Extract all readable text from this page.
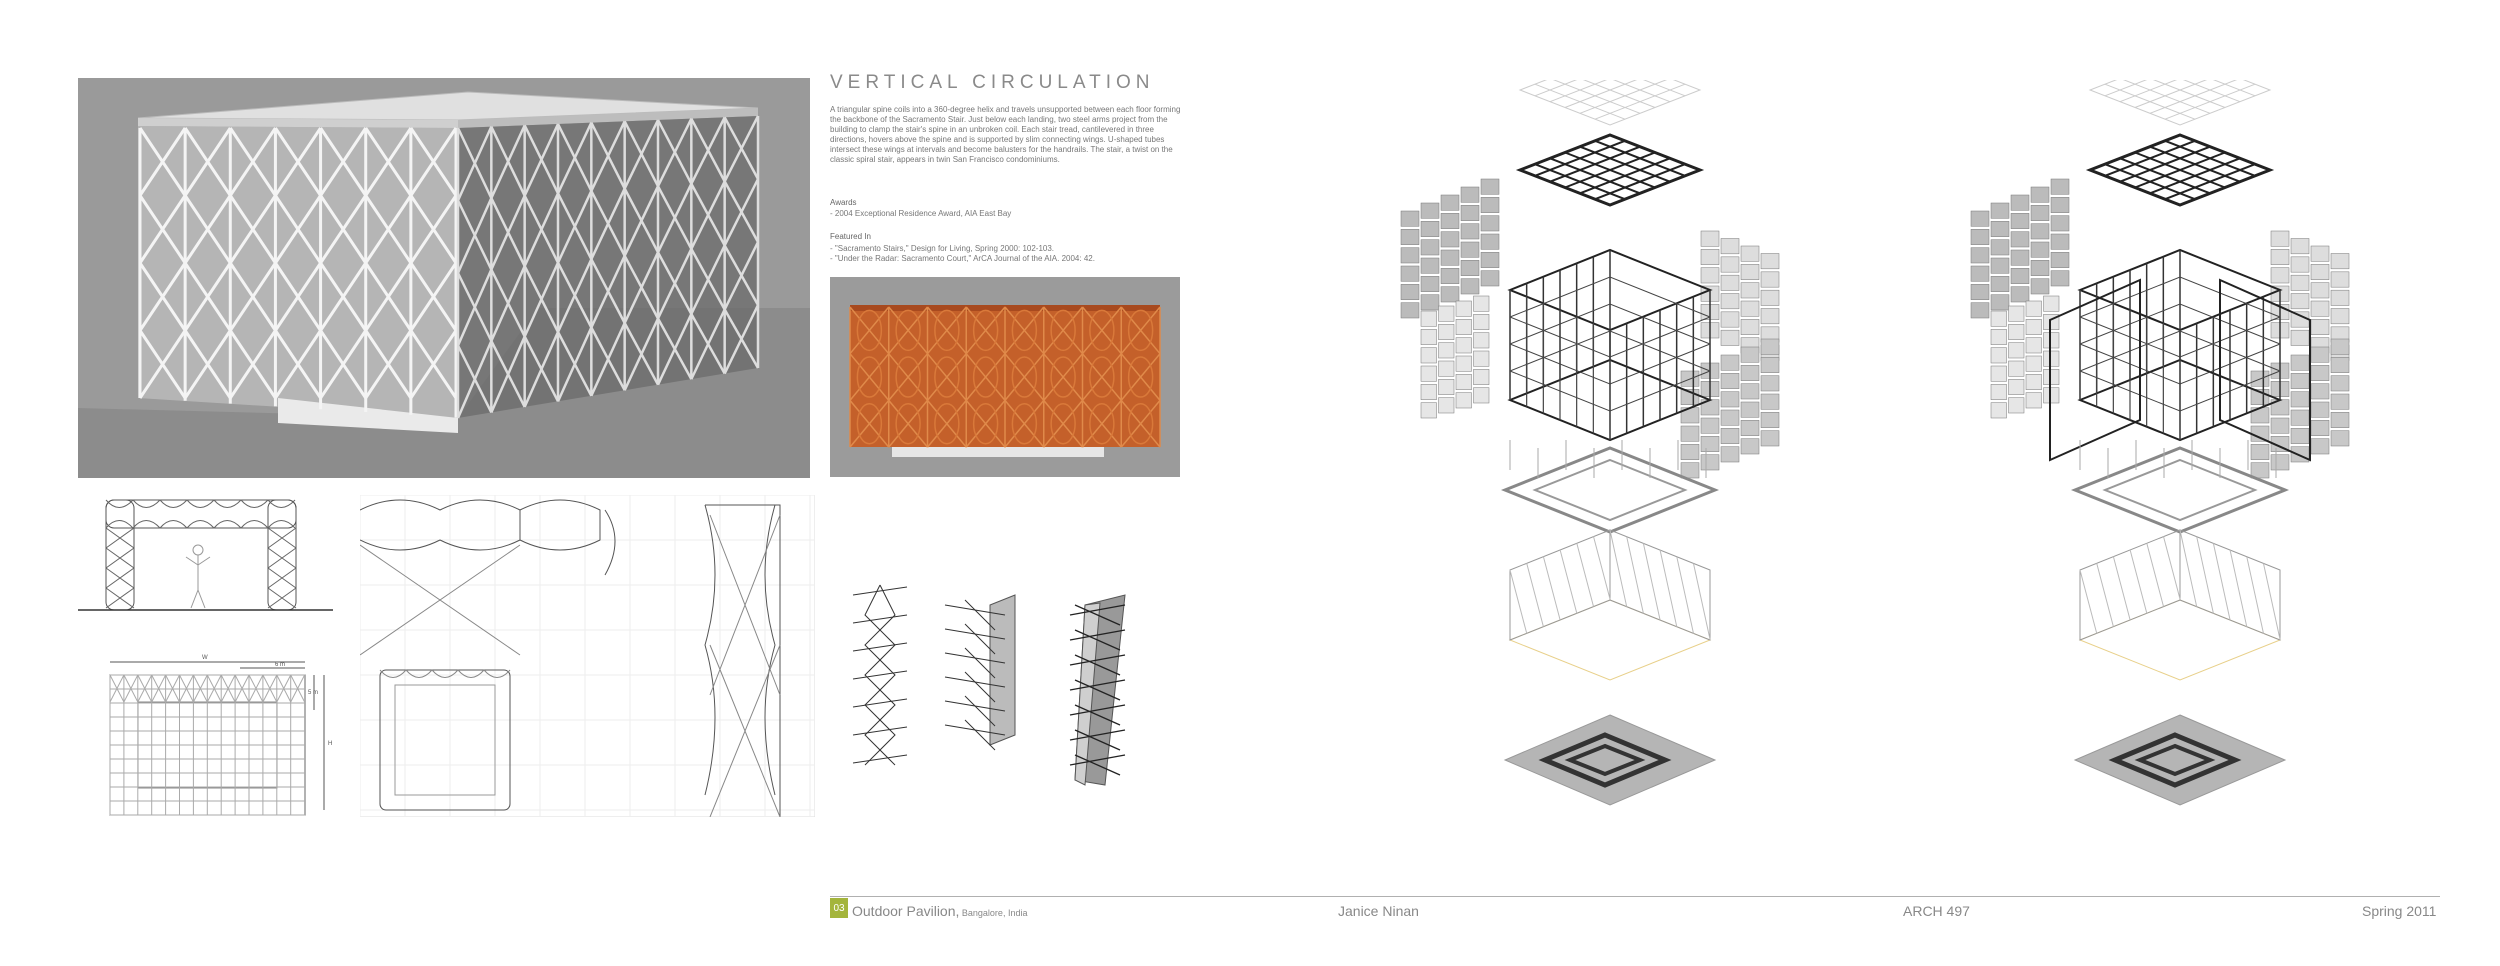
VERTICAL CIRCULATION
A triangular spine coils into a 360-degree helix and travels unsupported between each floor forming the backbone of the Sacramento Stair. Just below each landing, two steel arms project from the building to clamp the stair's spine in an unbroken coil. Each stair tread, cantilevered in three directions, hovers above the spine and is supported by slim connecting wings. U-shaped tubes intersect these wings at intervals and become balusters for the handrails. The stair, a twist on the classic spiral stair, appears in twin San Francisco condominiums.
Awards
- 2004 Exceptional Residence Award, AIA East Bay
Featured In
- "Sacramento Stairs," Design for Living, Spring 2000: 102-103.
- "Under the Radar: Sacramento Court," ArCA Journal of the AIA. 2004: 42.
W
6 m
5 m
H
03 Outdoor Pavilion, Bangalore, India	Janice Ninan	ARCH 497	Spring 2011
